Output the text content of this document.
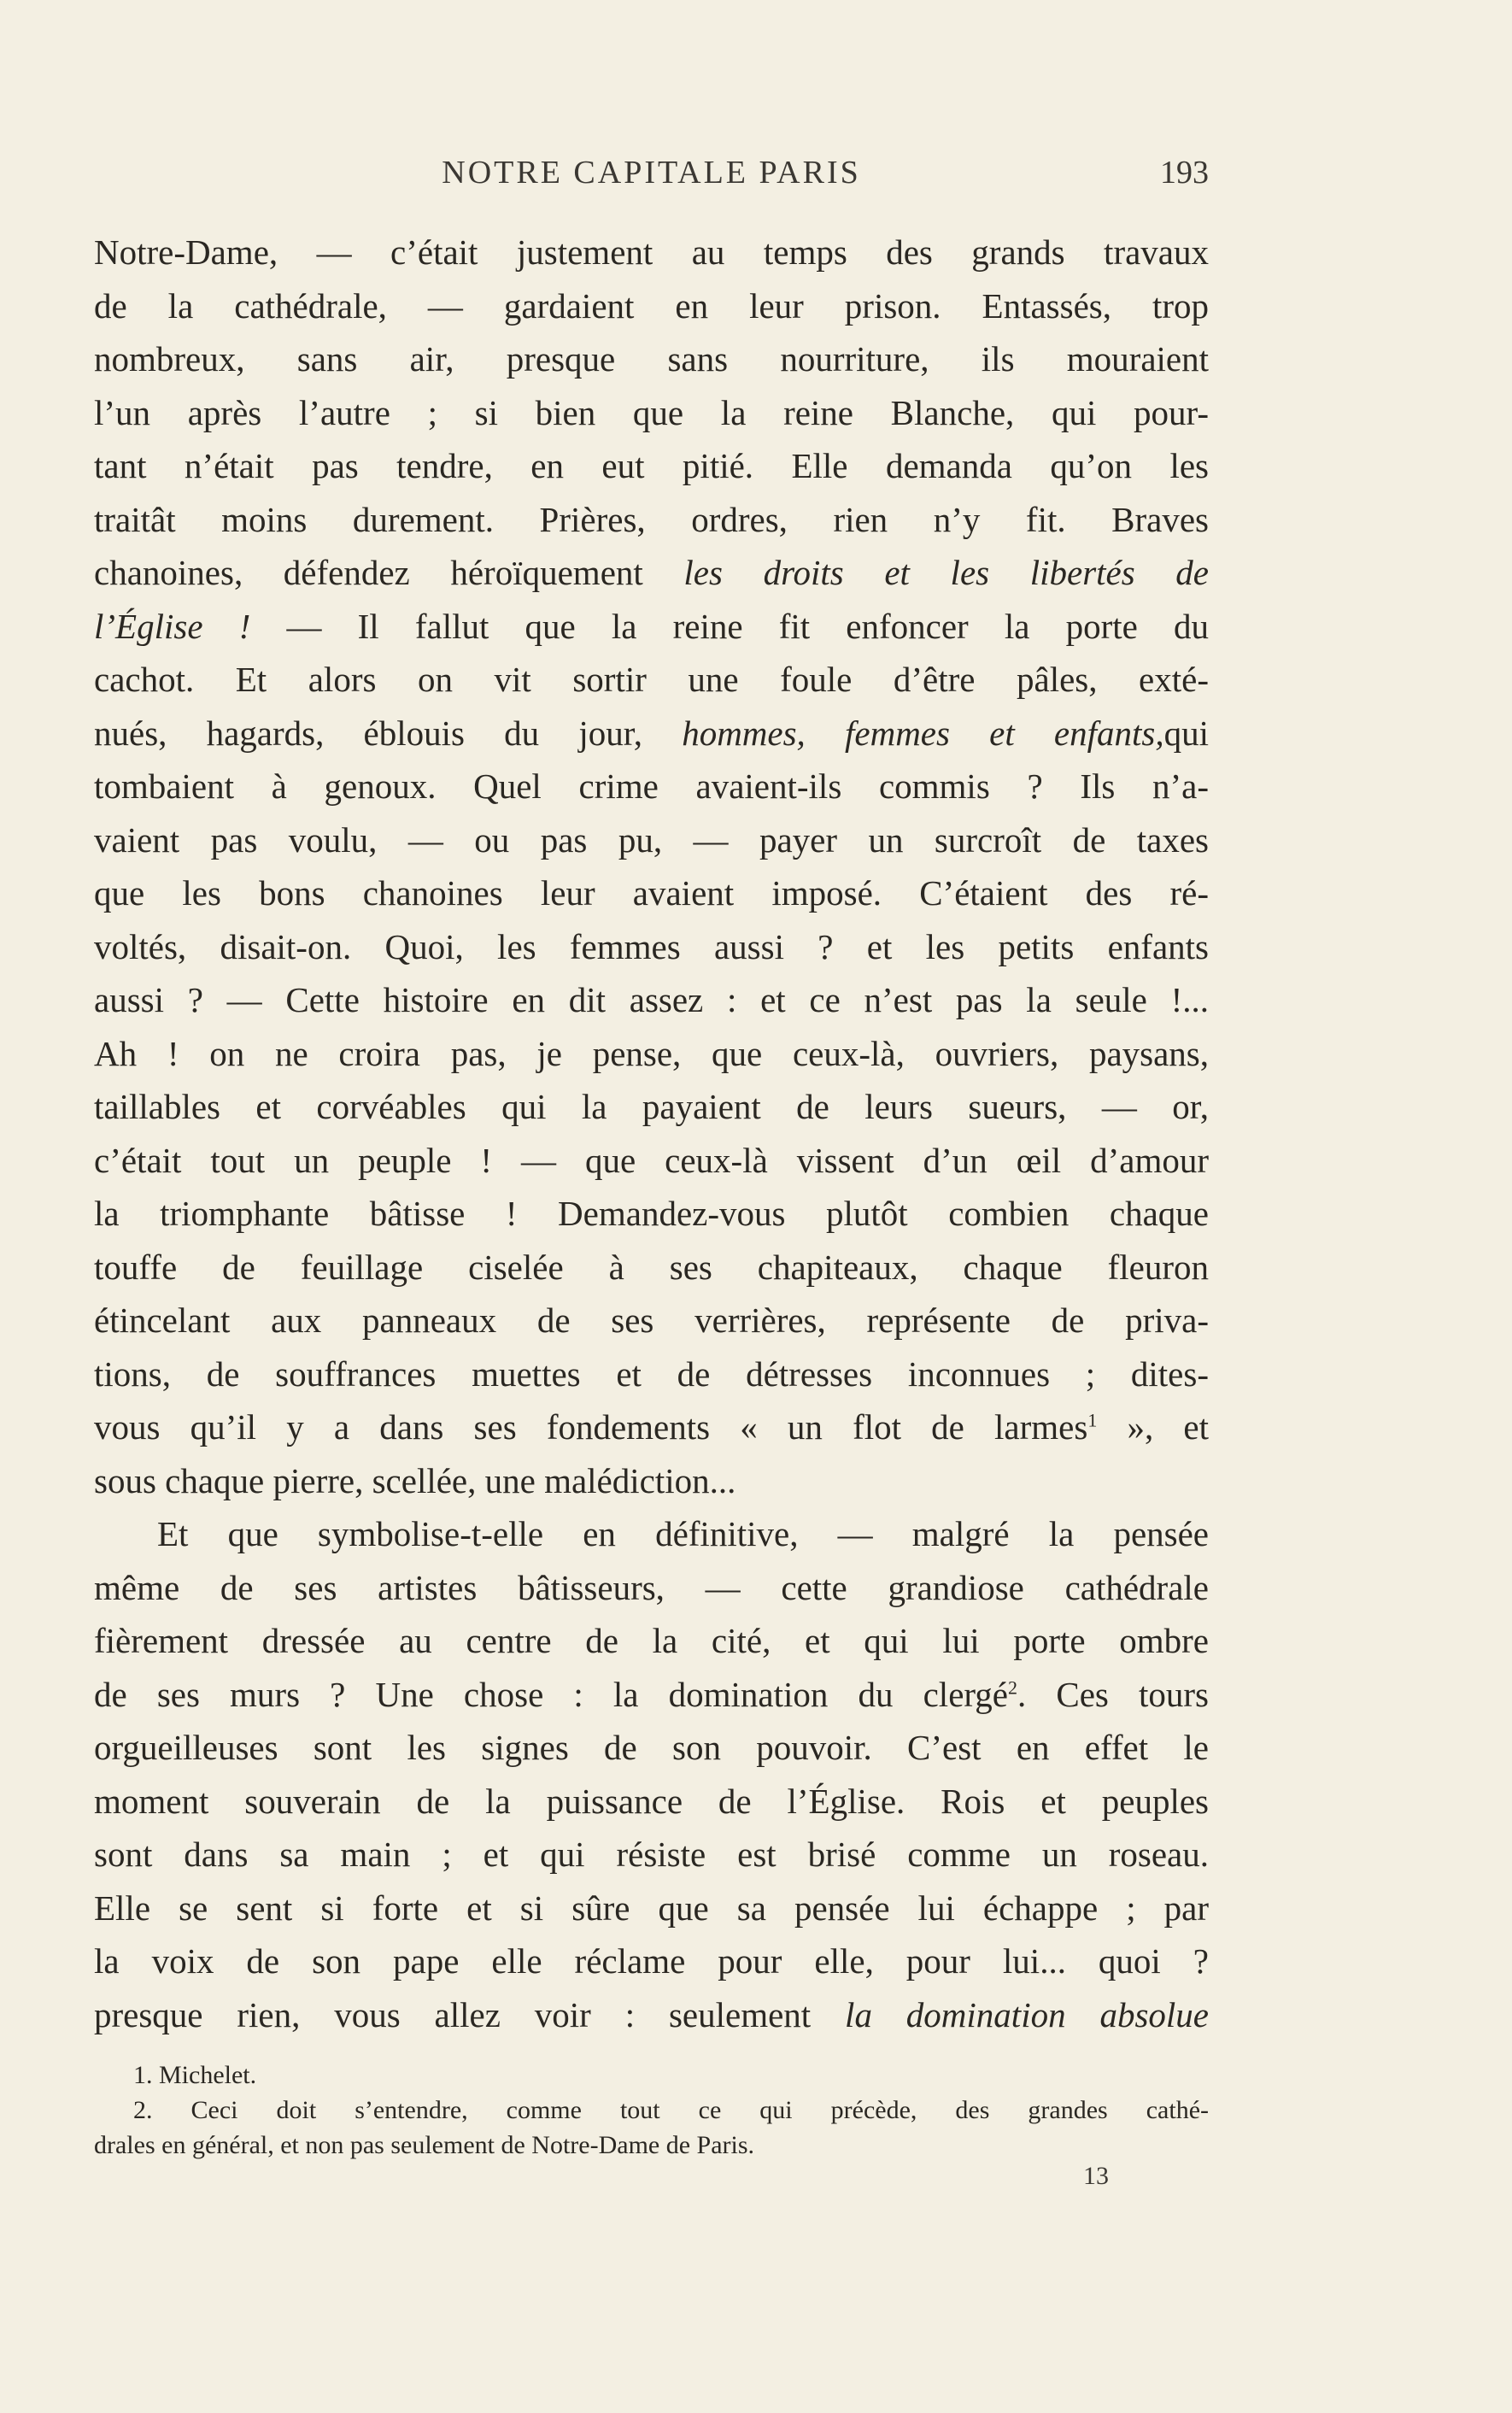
NOTRE CAPITALE PARIS	193
Notre-Dame, — c’était justement au temps des grands travaux
de la cathédrale, — gardaient en leur prison. Entassés, trop
nombreux, sans air, presque sans nourriture, ils mouraient
l’un après l’autre ; si bien que la reine Blanche, qui pour-
tant n’était pas tendre, en eut pitié. Elle demanda qu’on les
traitât moins durement. Prières, ordres, rien n’y fit. Braves
chanoines, défendez héroïquement les droits et les libertés de
l’Église ! — Il fallut que la reine fit enfoncer la porte du
cachot. Et alors on vit sortir une foule d’être pâles, exté-
nués, hagards, éblouis du jour, hommes, femmes et enfants,qui
tombaient à genoux. Quel crime avaient-ils commis ? Ils n’a-
vaient pas voulu, — ou pas pu, — payer un surcroît de taxes
que les bons chanoines leur avaient imposé. C’étaient des ré-
voltés, disait-on. Quoi, les femmes aussi ? et les petits enfants
aussi ? — Cette histoire en dit assez : et ce n’est pas la seule !...
Ah ! on ne croira pas, je pense, que ceux-là, ouvriers, paysans,
taillables et corvéables qui la payaient de leurs sueurs, — or,
c’était tout un peuple ! — que ceux-là vissent d’un œil d’amour
la triomphante bâtisse ! Demandez-vous plutôt combien chaque
touffe de feuillage ciselée à ses chapiteaux, chaque fleuron
étincelant aux panneaux de ses verrières, représente de priva-
tions, de souffrances muettes et de détresses inconnues ; dites-
vous qu’il y a dans ses fondements « un flot de larmes$^1$ », et
sous chaque pierre, scellée, une malédiction...
Et que symbolise-t-elle en définitive, — malgré la pensée
même de ses artistes bâtisseurs, — cette grandiose cathédrale
fièrement dressée au centre de la cité, et qui lui porte ombre
de ses murs ? Une chose : la domination du clergé$^2$. Ces tours
orgueilleuses sont les signes de son pouvoir. C’est en effet le
moment souverain de la puissance de l’Église. Rois et peuples
sont dans sa main ; et qui résiste est brisé comme un roseau.
Elle se sent si forte et si sûre que sa pensée lui échappe ; par
la voix de son pape elle réclame pour elle, pour lui... quoi ?
presque rien, vous allez voir : seulement la domination absolue
1. Michelet.
2. Ceci doit s’entendre, comme tout ce qui précède, des grandes cathé-
drales en général, et non pas seulement de Notre-Dame de Paris.
13
